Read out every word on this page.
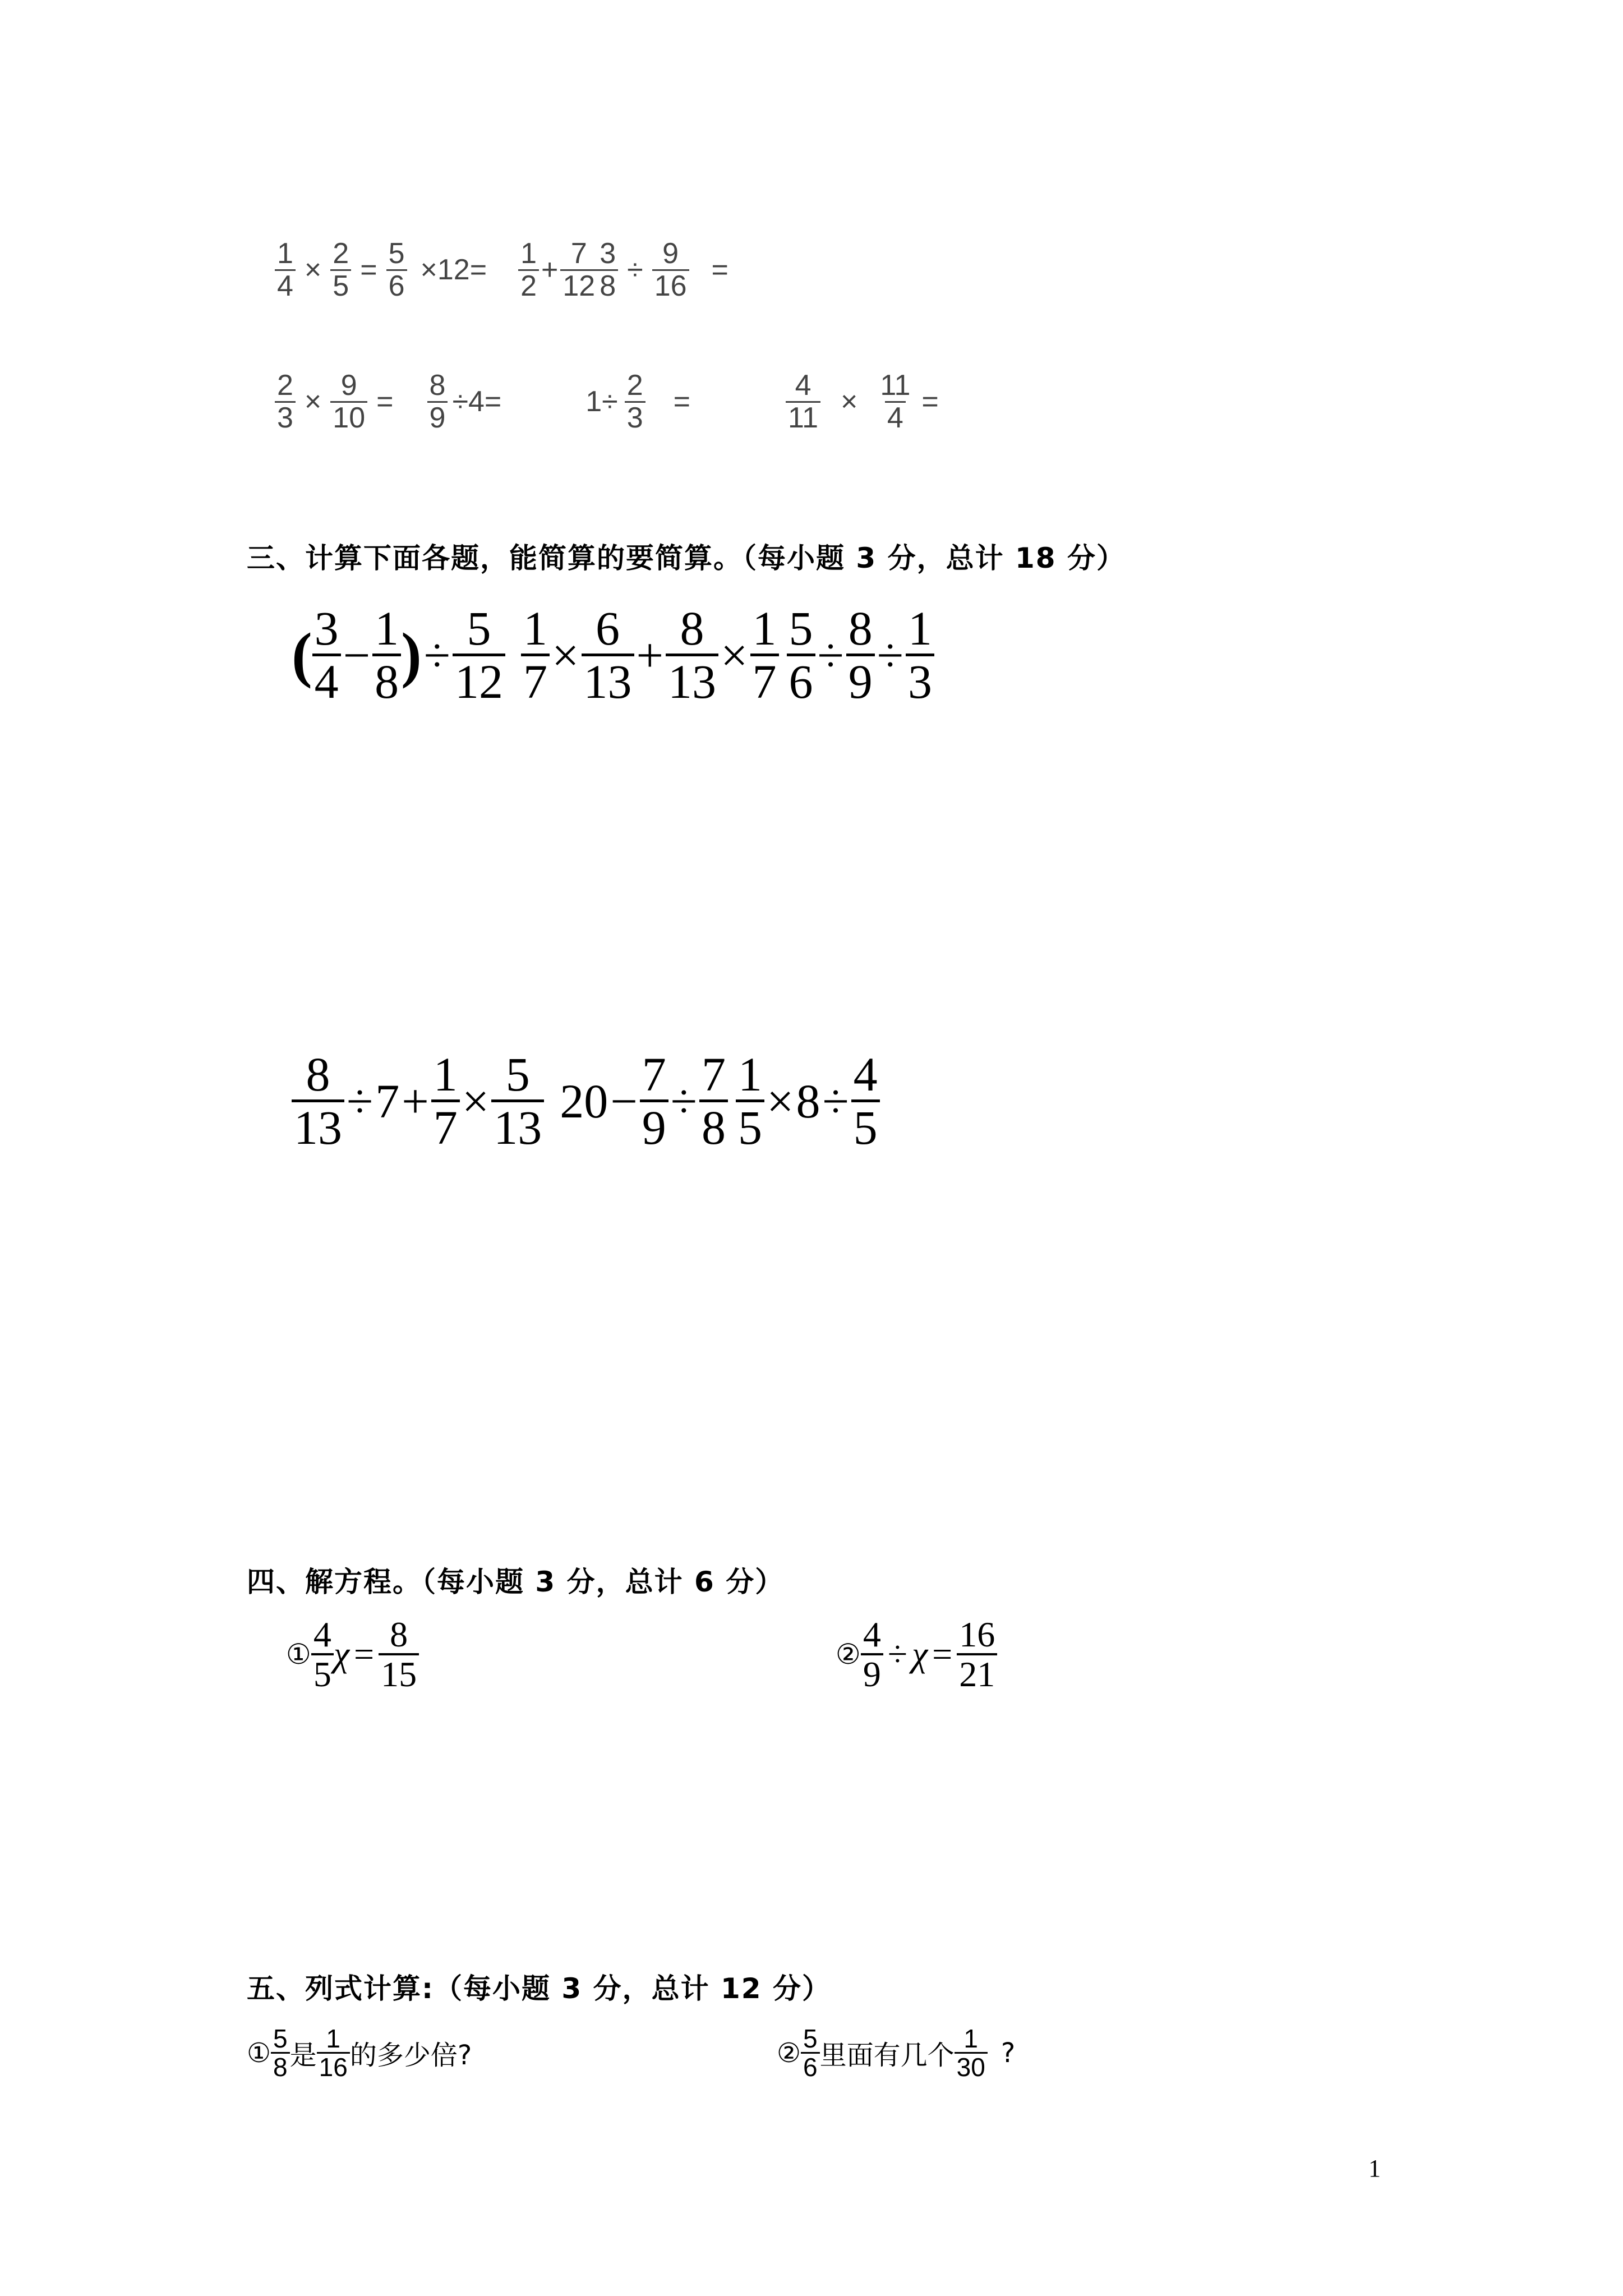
$\frac{1}{4} \times \frac{2}{5} = \frac{5}{6} \times 12= \frac{1}{2} + \frac{7}{12} \frac{3}{8} \div \frac{9}{16}$ =
$\frac{2}{3} \times \frac{9}{10} = \frac{8}{9} \div 4=$	$1\div \frac{2}{3}$ =	$\frac{4}{11} \times \frac{11}{4}$ =
三、计算下面各题，能简算的要简算。（每小题 3 分，总计 18 分）
( $\frac{3}{4} - \frac{1}{8}$ ) ÷ $\frac{5}{12} \frac{1}{7} \times \frac{6}{13} + \frac{8}{13} \times \frac{1}{7} \frac{5}{6} \div \frac{8}{9} \div \frac{1}{3}$
$\frac{8}{13} \div 7 + \frac{1}{7} \times \frac{5}{13} 20 - \frac{7}{9} \div \frac{7}{8} \frac{1}{5} \times 8 \div \frac{4}{5}$
四、解方程。（每小题 3 分，总计 6 分）
① $\frac{4}{5}$ $\chi = \frac{8}{15}$	② $\frac{4}{9} \div \chi = \frac{16}{21}$
五、列式计算:（每小题 3 分，总计 12 分）
① $\frac{5}{8}$ 是 $\frac{1}{16}$ 的多少倍?	② $\frac{5}{6}$ 里面有几个 $\frac{1}{30}$ ?
1
